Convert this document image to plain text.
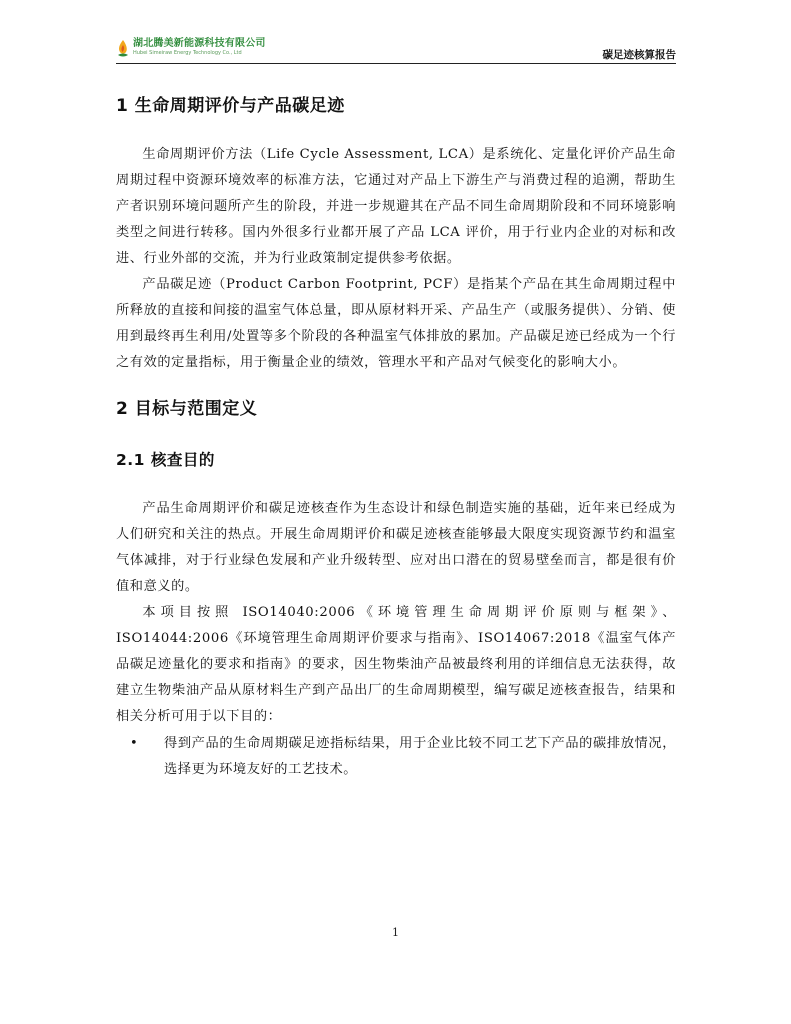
湖北腾美新能源科技有限公司
Hubei Simeiraw Energy Technology Co., Ltd	碳足迹核算报告
1 生命周期评价与产品碳足迹

生命周期评价方法（Life Cycle Assessment, LCA）是系统化、定量化评价产品生命周期过程中资源环境效率的标准方法，它通过对产品上下游生产与消费过程的追溯，帮助生产者识别环境问题所产生的阶段，并进一步规避其在产品不同生命周期阶段和不同环境影响类型之间进行转移。国内外很多行业都开展了产品 LCA 评价，用于行业内企业的对标和改进、行业外部的交流，并为行业政策制定提供参考依据。

产品碳足迹（Product Carbon Footprint, PCF）是指某个产品在其生命周期过程中所释放的直接和间接的温室气体总量，即从原材料开采、产品生产（或服务提供）、分销、使用到最终再生利用/处置等多个阶段的各种温室气体排放的累加。产品碳足迹已经成为一个行之有效的定量指标，用于衡量企业的绩效，管理水平和产品对气候变化的影响大小。

2 目标与范围定义
2.1 核查目的

产品生命周期评价和碳足迹核查作为生态设计和绿色制造实施的基础，近年来已经成为人们研究和关注的热点。开展生命周期评价和碳足迹核查能够最大限度实现资源节约和温室气体减排，对于行业绿色发展和产业升级转型、应对出口潜在的贸易壁垒而言，都是很有价值和意义的。

本项目按照 ISO14040:2006《环境管理生命周期评价原则与框架》、ISO14044:2006《环境管理生命周期评价要求与指南》、ISO14067:2018《温室气体产品碳足迹量化的要求和指南》的要求，因生物柴油产品被最终利用的详细信息无法获得，故建立生物柴油产品从原材料生产到产品出厂的生命周期模型，编写碳足迹核查报告，结果和相关分析可用于以下目的：

• 得到产品的生命周期碳足迹指标结果，用于企业比较不同工艺下产品的碳排放情况，选择更为环境友好的工艺技术。
1
